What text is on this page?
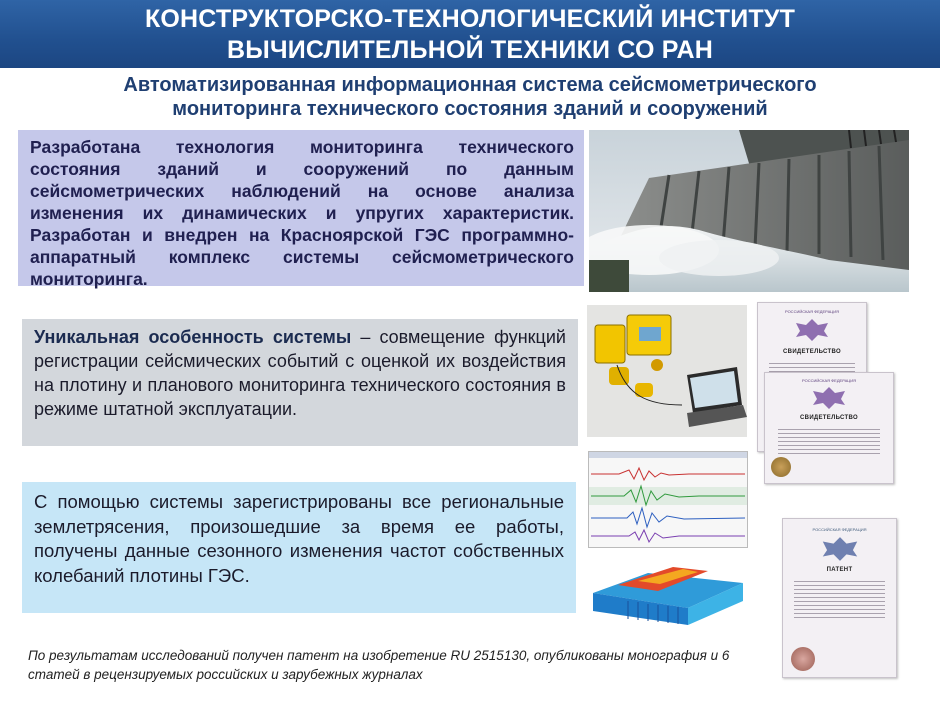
КОНСТРУКТОРСКО-ТЕХНОЛОГИЧЕСКИЙ ИНСТИТУТ
ВЫЧИСЛИТЕЛЬНОЙ ТЕХНИКИ СО РАН
Автоматизированная информационная система сейсмометрического
мониторинга технического состояния зданий и сооружений
Разработана технология мониторинга технического состояния зданий и сооружений по данным сейсмометрических наблюдений на основе анализа изменения их динамических и упругих характеристик. Разработан и внедрен на Красноярской ГЭС программно-аппаратный комплекс системы сейсмометрического мониторинга.
Уникальная особенность системы – совмещение функций регистрации сейсмических событий с оценкой их воздействия на плотину и планового мониторинга технического состояния в режиме штатной эксплуатации.
С помощью системы зарегистрированы все региональные землетрясения, произошедшие за время ее работы, получены данные сезонного изменения частот собственных колебаний плотины ГЭС.
По результатам исследований получен патент на изобретение RU 2515130, опубликованы монография и 6 статей в рецензируемых российских и зарубежных журналах
РОССИЙСКАЯ ФЕДЕРАЦИЯ
СВИДЕТЕЛЬСТВО
РОССИЙСКАЯ ФЕДЕРАЦИЯ
СВИДЕТЕЛЬСТВО
РОССИЙСКАЯ ФЕДЕРАЦИЯ
ПАТЕНТ
